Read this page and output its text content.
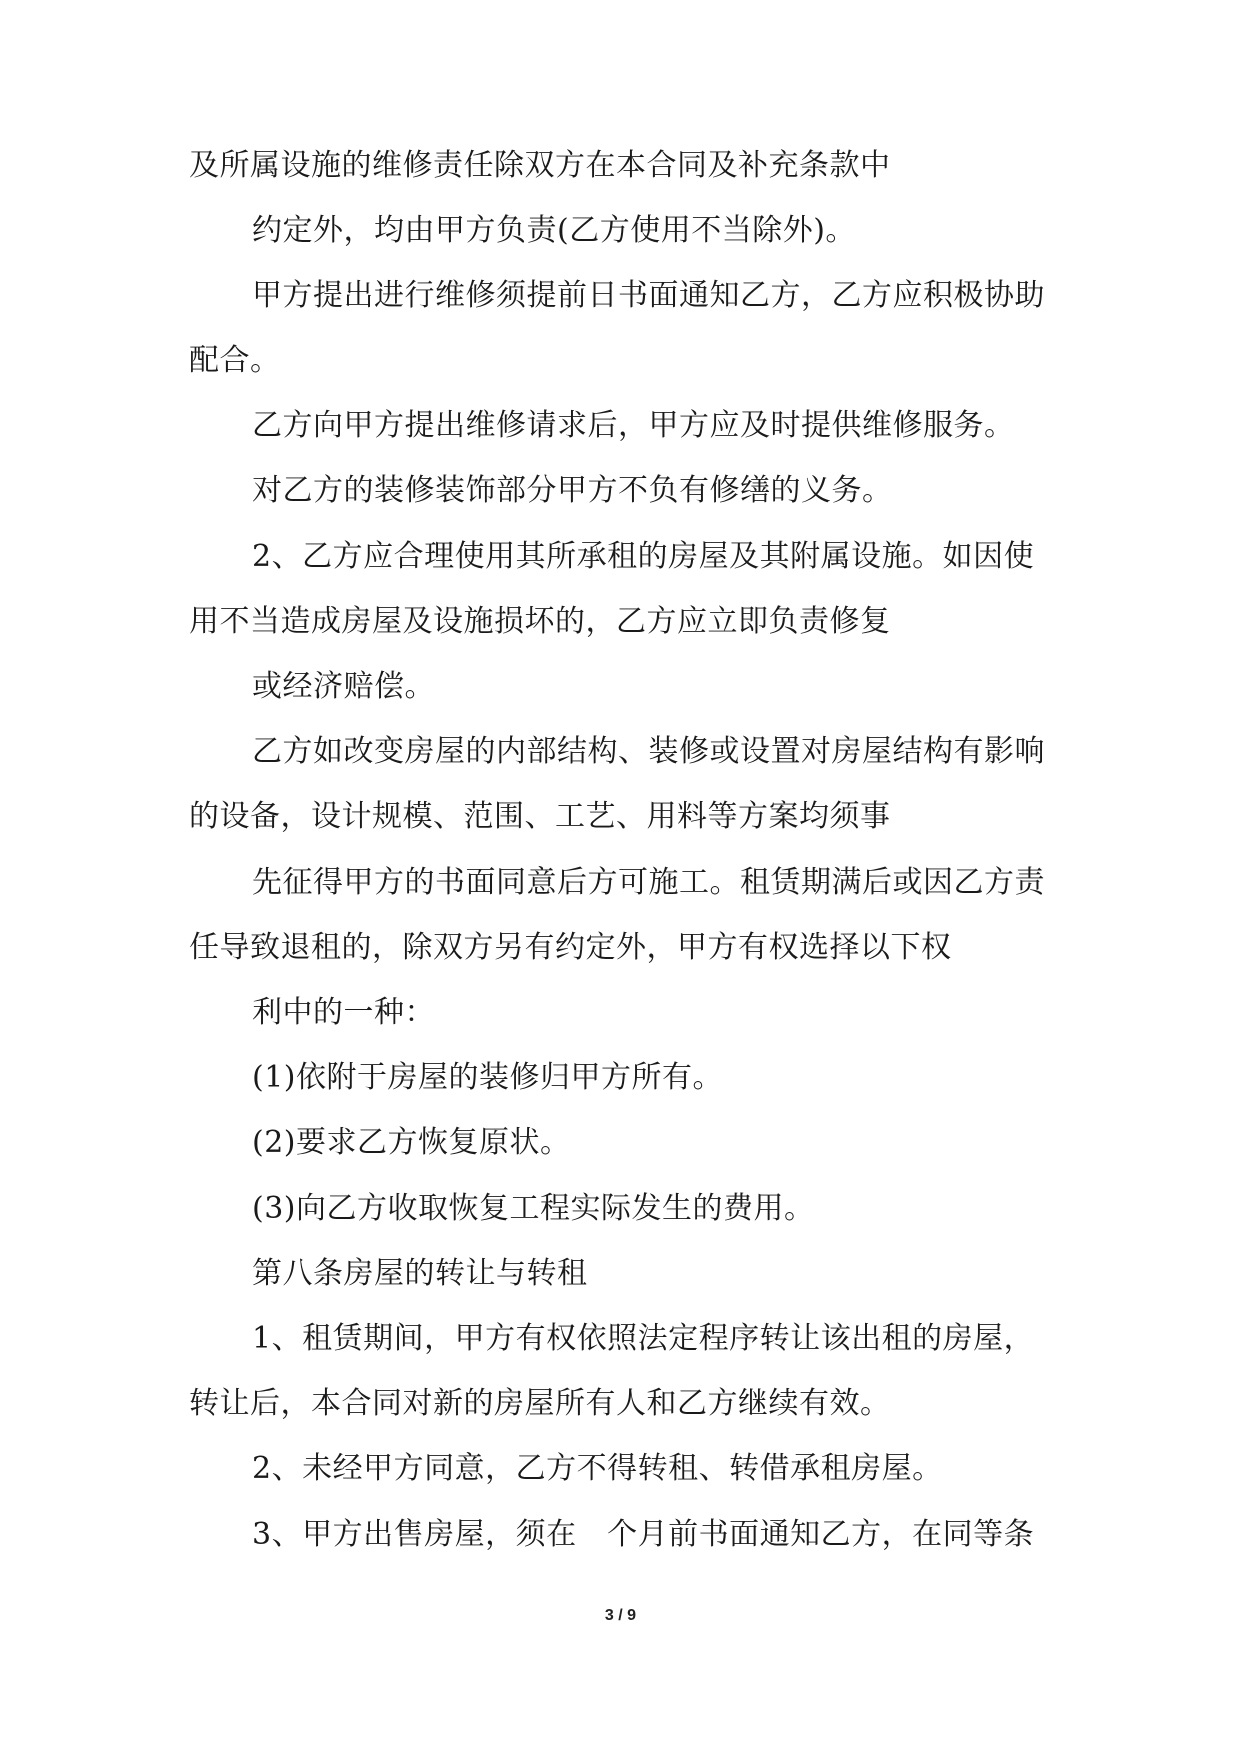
及所属设施的维修责任除双方在本合同及补充条款中
约定外，均由甲方负责(乙方使用不当除外)。
甲方提出进行维修须提前日书面通知乙方，乙方应积极协助
配合。
乙方向甲方提出维修请求后，甲方应及时提供维修服务。
对乙方的装修装饰部分甲方不负有修缮的义务。
2、乙方应合理使用其所承租的房屋及其附属设施。如因使
用不当造成房屋及设施损坏的，乙方应立即负责修复
或经济赔偿。
乙方如改变房屋的内部结构、装修或设置对房屋结构有影响
的设备，设计规模、范围、工艺、用料等方案均须事
先征得甲方的书面同意后方可施工。租赁期满后或因乙方责
任导致退租的，除双方另有约定外，甲方有权选择以下权
利中的一种：
(1)依附于房屋的装修归甲方所有。
(2)要求乙方恢复原状。
(3)向乙方收取恢复工程实际发生的费用。
第八条房屋的转让与转租
1、租赁期间，甲方有权依照法定程序转让该出租的房屋，
转让后，本合同对新的房屋所有人和乙方继续有效。
2、未经甲方同意，乙方不得转租、转借承租房屋。
3、甲方出售房屋，须在　个月前书面通知乙方，在同等条
3 / 9
